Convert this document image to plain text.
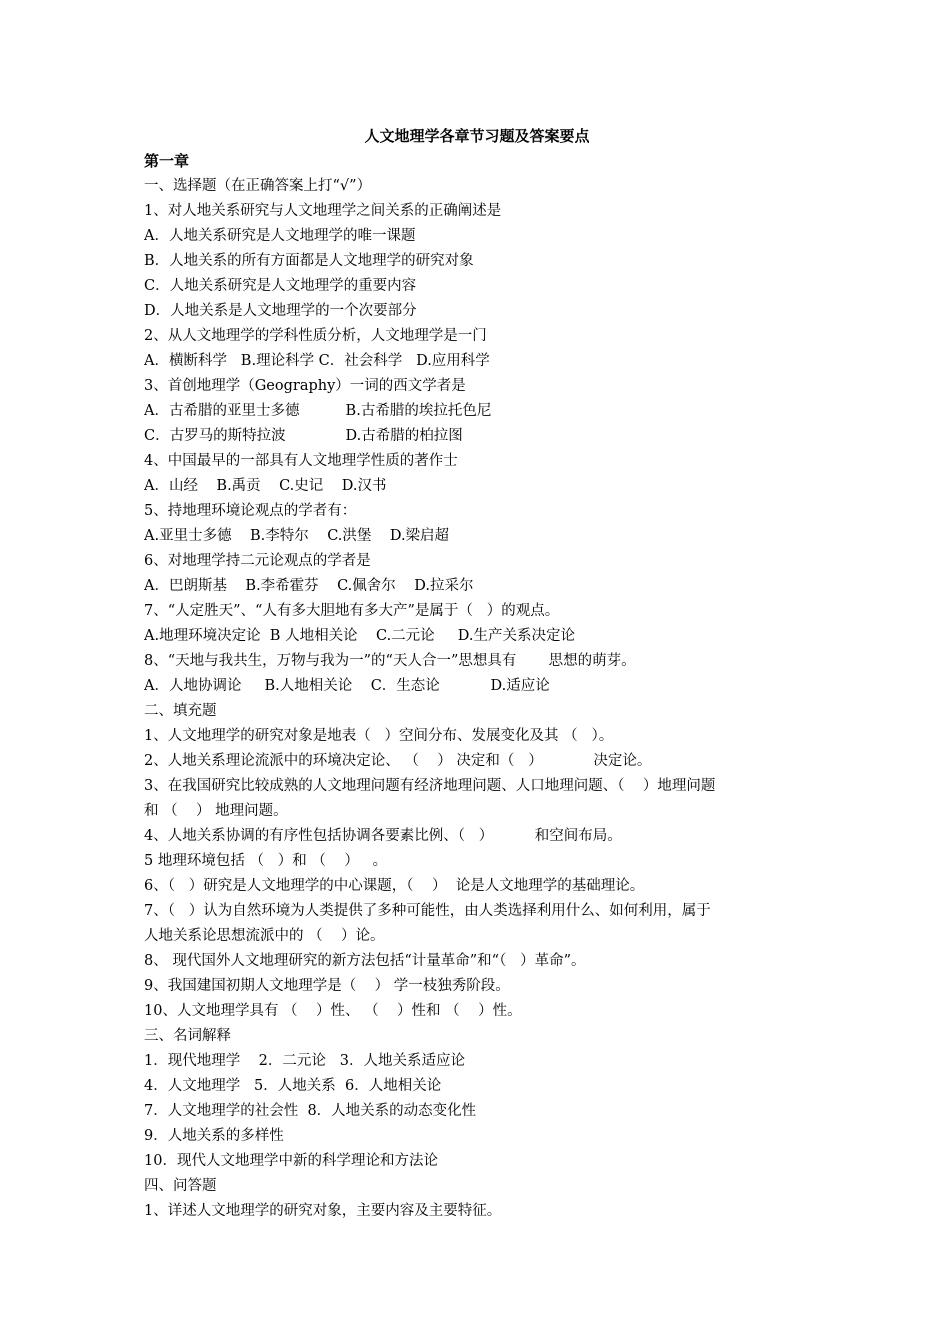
人文地理学各章节习题及答案要点

第一章

一、选择题（在正确答案上打“√”）

1、对人地关系研究与人文地理学之间关系的正确阐述是

A．人地关系研究是人文地理学的唯一课题

B．人地关系的所有方面都是人文地理学的研究对象

C．人地关系研究是人文地理学的重要内容

D．人地关系是人文地理学的一个次要部分

2、从人文地理学的学科性质分析，人文地理学是一门

A．横断科学   B.理论科学 C．社会科学   D.应用科学

3、首创地理学（Geography）一词的西文学者是

A．古希腊的亚里士多德          B.古希腊的埃拉托色尼

C．古罗马的斯特拉波             D.古希腊的柏拉图

4、中国最早的一部具有人文地理学性质的著作士

A．山经    B.禹贡    C.史记    D.汉书

5、持地理环境论观点的学者有：

A.亚里士多德    B.李特尔    C.洪堡    D.梁启超

6、对地理学持二元论观点的学者是

A．巴朗斯基    B.李希霍芬    C.佩舍尔    D.拉采尔

7、“人定胜天”、“人有多大胆地有多大产”是属于（   ）的观点。

A.地理环境决定论  B 人地相关论    C.二元论     D.生产关系决定论

8、“天地与我共生，万物与我为一”的“天人合一”思想具有       思想的萌芽。

A．人地协调论     B.人地相关论    C．生态论           D.适应论

二、填充题

1、人文地理学的研究对象是地表（   ）空间分布、发展变化及其 （   ）。

2、人地关系理论流派中的环境决定论、 （    ） 决定和（   ）           决定论。

3、在我国研究比较成熟的人文地理问题有经济地理问题、人口地理问题、（    ）地理问题

和 （    ） 地理问题。

4、人地关系协调的有序性包括协调各要素比例、（   ）         和空间布局。

5 地理环境包括 （   ）和 （    ）   。

6、（   ）研究是人文地理学的中心课题，（    ）  论是人文地理学的基础理论。

7、（   ）认为自然环境为人类提供了多种可能性，由人类选择利用什么、如何利用，属于

人地关系论思想流派中的 （    ）论。

8、 现代国外人文地理研究的新方法包括“计量革命”和“（   ）革命”。

9、我国建国初期人文地理学是（    ） 学一枝独秀阶段。

10、人文地理学具有 （    ）性、 （    ）性和 （    ）性。

三、名词解释

1．现代地理学    2．二元论   3．人地关系适应论

4．人文地理学   5．人地关系  6．人地相关论

7．人文地理学的社会性  8．人地关系的动态变化性

9．人地关系的多样性

10．现代人文地理学中新的科学理论和方法论

四、问答题

1、详述人文地理学的研究对象，主要内容及主要特征。
